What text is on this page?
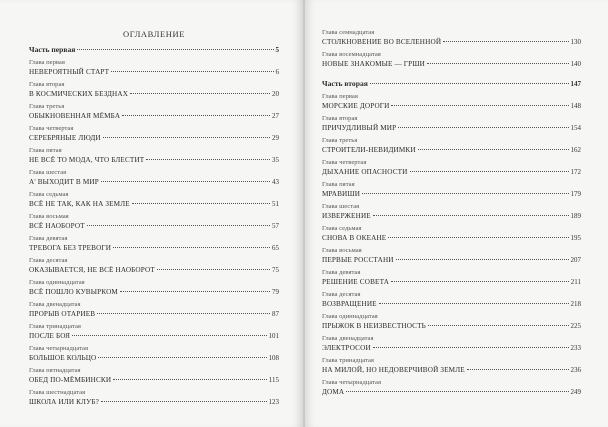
ОГЛАВЛЕНИЕ
Часть первая	5
Глава первая
НЕВЕРОЯТНЫЙ СТАРТ	6
Глава вторая
В КОСМИЧЕСКИХ БЕЗДНАХ	20
Глава третья
ОБЫКНОВЕННАЯ МЁМБА	27
Глава четвертая
СЕРЕБРЯНЫЕ ЛЮДИ	29
Глава пятая
НЕ ВСЁ ТО МОДА, ЧТО БЛЕСТИТ	35
Глава шестая
А' ВЫХОДИТ В МИР	43
Глава седьмая
ВСЁ НЕ ТАК, КАК НА ЗЕМЛЕ	51
Глава восьмая
ВСЁ НАОБОРОТ	57
Глава девятая
ТРЕВОГА БЕЗ ТРЕВОГИ	65
Глава десятая
ОКАЗЫВАЕТСЯ, НЕ ВСЁ НАОБОРОТ	75
Глава одиннадцатая
ВСЁ ПОШЛО КУВЫРКОМ	79
Глава двенадцатая
ПРОРЫВ ОТАРИЕВ	87
Глава тринадцатая
ПОСЛЕ БОЯ	101
Глава четырнадцатая
БОЛЬШОЕ КОЛЬЦО	108
Глава пятнадцатая
ОБЕД ПО-МЁМБИНСКИ	115
Глава шестнадцатая
ШКОЛА ИЛИ КЛУБ?	123
Глава семнадцатая
СТОЛКНОВЕНИЕ ВО ВСЕЛЕННОЙ	130
Глава восемнадцатая
НОВЫЕ ЗНАКОМЫЕ — ГРШИ	140
Часть вторая	147
Глава первая
МОРСКИЕ ДОРОГИ	148
Глава вторая
ПРИЧУДЛИВЫЙ МИР	154
Глава третья
СТРОИТЕЛИ-НЕВИДИМКИ	162
Глава четвертая
ДЫХАНИЕ ОПАСНОСТИ	172
Глава пятая
МРАВИШИ	179
Глава шестая
ИЗВЕРЖЕНИЕ	189
Глава седьмая
СНОВА В ОКЕАНЕ	195
Глава восьмая
ПЕРВЫЕ РОССТАНИ	207
Глава девятая
РЕШЕНИЕ СОВЕТА	211
Глава десятая
ВОЗВРАЩЕНИЕ	218
Глава одиннадцатая
ПРЫЖОК В НЕИЗВЕСТНОСТЬ	225
Глава двенадцатая
ЭЛЕКТРОСОИ	233
Глава тринадцатая
НА МИЛОЙ, НО НЕДОВЕРЧИВОЙ ЗЕМЛЕ	236
Глава четырнадцатая
ДОМА	249
